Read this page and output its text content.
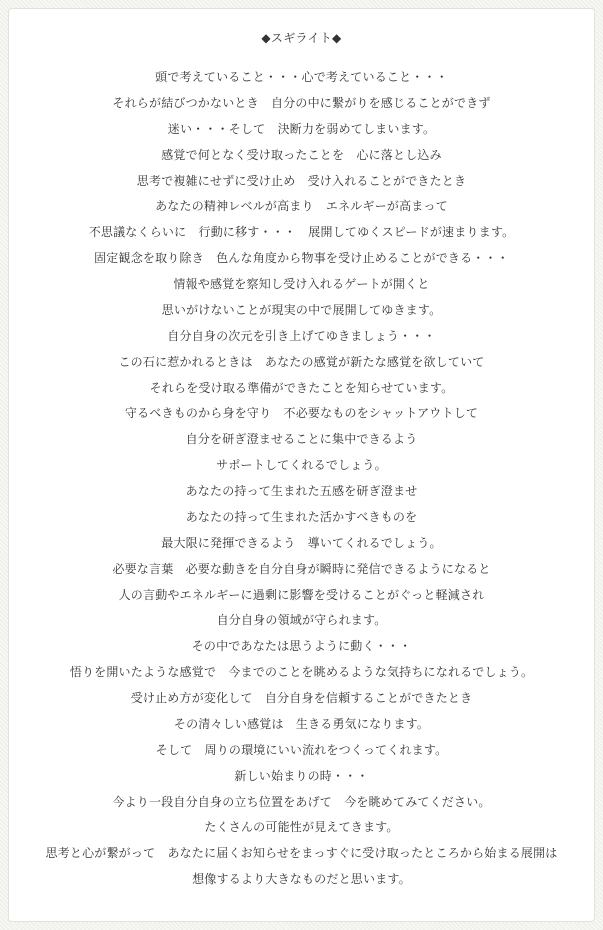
◆スギライト◆
頭で考えていること・・・心で考えていること・・・
それらが結びつかないとき　自分の中に繋がりを感じることができず
迷い・・・そして　決断力を弱めてしまいます。
感覚で何となく受け取ったことを　心に落とし込み
思考で複雑にせずに受け止め　受け入れることができたとき
あなたの精神レベルが高まり　エネルギーが高まって
不思議なくらいに　行動に移す・・・　展開してゆくスピードが速まります。
固定観念を取り除き　色んな角度から物事を受け止めることができる・・・
情報や感覚を察知し受け入れるゲートが開くと
思いがけないことが現実の中で展開してゆきます。
自分自身の次元を引き上げてゆきましょう・・・
この石に惹かれるときは　あなたの感覚が新たな感覚を欲していて
それらを受け取る準備ができたことを知らせています。
守るべきものから身を守り　不必要なものをシャットアウトして
自分を研ぎ澄ませることに集中できるよう
サポートしてくれるでしょう。
あなたの持って生まれた五感を研ぎ澄ませ
あなたの持って生まれた活かすべきものを
最大限に発揮できるよう　導いてくれるでしょう。
必要な言葉　必要な動きを自分自身が瞬時に発信できるようになると
人の言動やエネルギーに過剰に影響を受けることがぐっと軽減され
自分自身の領域が守られます。
その中であなたは思うように動く・・・
悟りを開いたような感覚で　今までのことを眺めるような気持ちになれるでしょう。
受け止め方が変化して　自分自身を信頼することができたとき
その清々しい感覚は　生きる勇気になります。
そして　周りの環境にいい流れをつくってくれます。
新しい始まりの時・・・
今より一段自分自身の立ち位置をあげて　今を眺めてみてください。
たくさんの可能性が見えてきます。
思考と心が繋がって　あなたに届くお知らせをまっすぐに受け取ったところから始まる展開は
想像するより大きなものだと思います。
